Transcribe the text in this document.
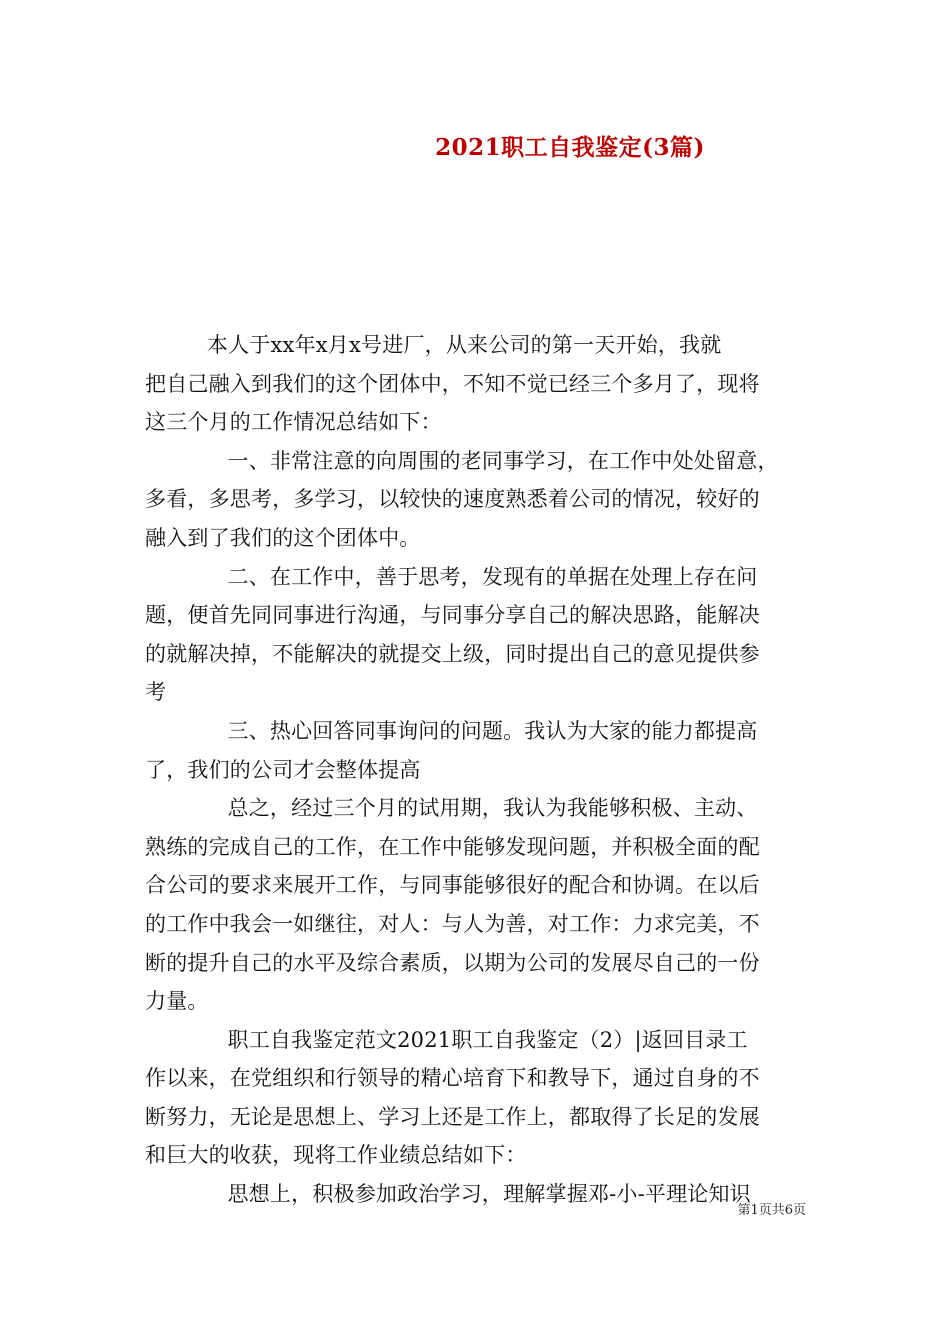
2021职工自我鉴定(3篇)
本人于xx年x月x号进厂，从来公司的第一天开始，我就
把自己融入到我们的这个团体中，不知不觉已经三个多月了，现将
这三个月的工作情况总结如下：
一、非常注意的向周围的老同事学习，在工作中处处留意，
多看，多思考，多学习，以较快的速度熟悉着公司的情况，较好的
融入到了我们的这个团体中。
二、在工作中，善于思考，发现有的单据在处理上存在问
题，便首先同同事进行沟通，与同事分享自己的解决思路，能解决
的就解决掉，不能解决的就提交上级，同时提出自己的意见提供参
考
三、热心回答同事询问的问题。我认为大家的能力都提高
了，我们的公司才会整体提高
总之，经过三个月的试用期，我认为我能够积极、主动、
熟练的完成自己的工作，在工作中能够发现问题，并积极全面的配
合公司的要求来展开工作，与同事能够很好的配合和协调。在以后
的工作中我会一如继往，对人：与人为善，对工作：力求完美，不
断的提升自己的水平及综合素质，以期为公司的发展尽自己的一份
力量。
职工自我鉴定范文2021职工自我鉴定（2）|返回目录工
作以来，在党组织和行领导的精心培育下和教导下，通过自身的不
断努力，无论是思想上、学习上还是工作上，都取得了长足的发展
和巨大的收获，现将工作业绩总结如下：
思想上，积极参加政治学习，理解掌握邓-小-平理论知识
第1页共6页
